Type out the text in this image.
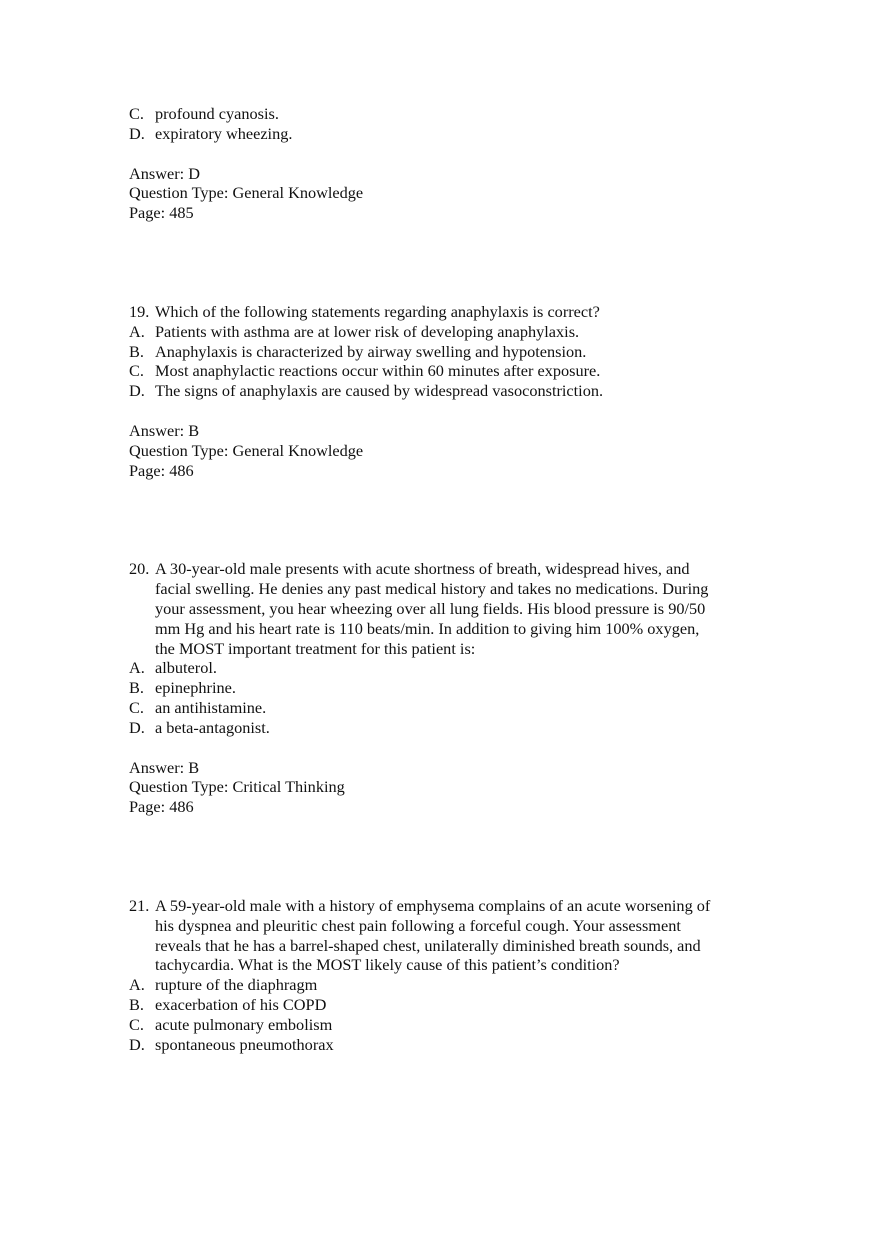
C. profound cyanosis.
D. expiratory wheezing.
Answer: D
Question Type: General Knowledge
Page: 485
19. Which of the following statements regarding anaphylaxis is correct?
A. Patients with asthma are at lower risk of developing anaphylaxis.
B. Anaphylaxis is characterized by airway swelling and hypotension.
C. Most anaphylactic reactions occur within 60 minutes after exposure.
D. The signs of anaphylaxis are caused by widespread vasoconstriction.
Answer: B
Question Type: General Knowledge
Page: 486
20. A 30-year-old male presents with acute shortness of breath, widespread hives, and
facial swelling. He denies any past medical history and takes no medications. During
your assessment, you hear wheezing over all lung fields. His blood pressure is 90/50
mm Hg and his heart rate is 110 beats/min. In addition to giving him 100% oxygen,
the MOST important treatment for this patient is:
A. albuterol.
B. epinephrine.
C. an antihistamine.
D. a beta-antagonist.
Answer: B
Question Type: Critical Thinking
Page: 486
21. A 59-year-old male with a history of emphysema complains of an acute worsening of
his dyspnea and pleuritic chest pain following a forceful cough. Your assessment
reveals that he has a barrel-shaped chest, unilaterally diminished breath sounds, and
tachycardia. What is the MOST likely cause of this patient’s condition?
A. rupture of the diaphragm
B. exacerbation of his COPD
C. acute pulmonary embolism
D. spontaneous pneumothorax
